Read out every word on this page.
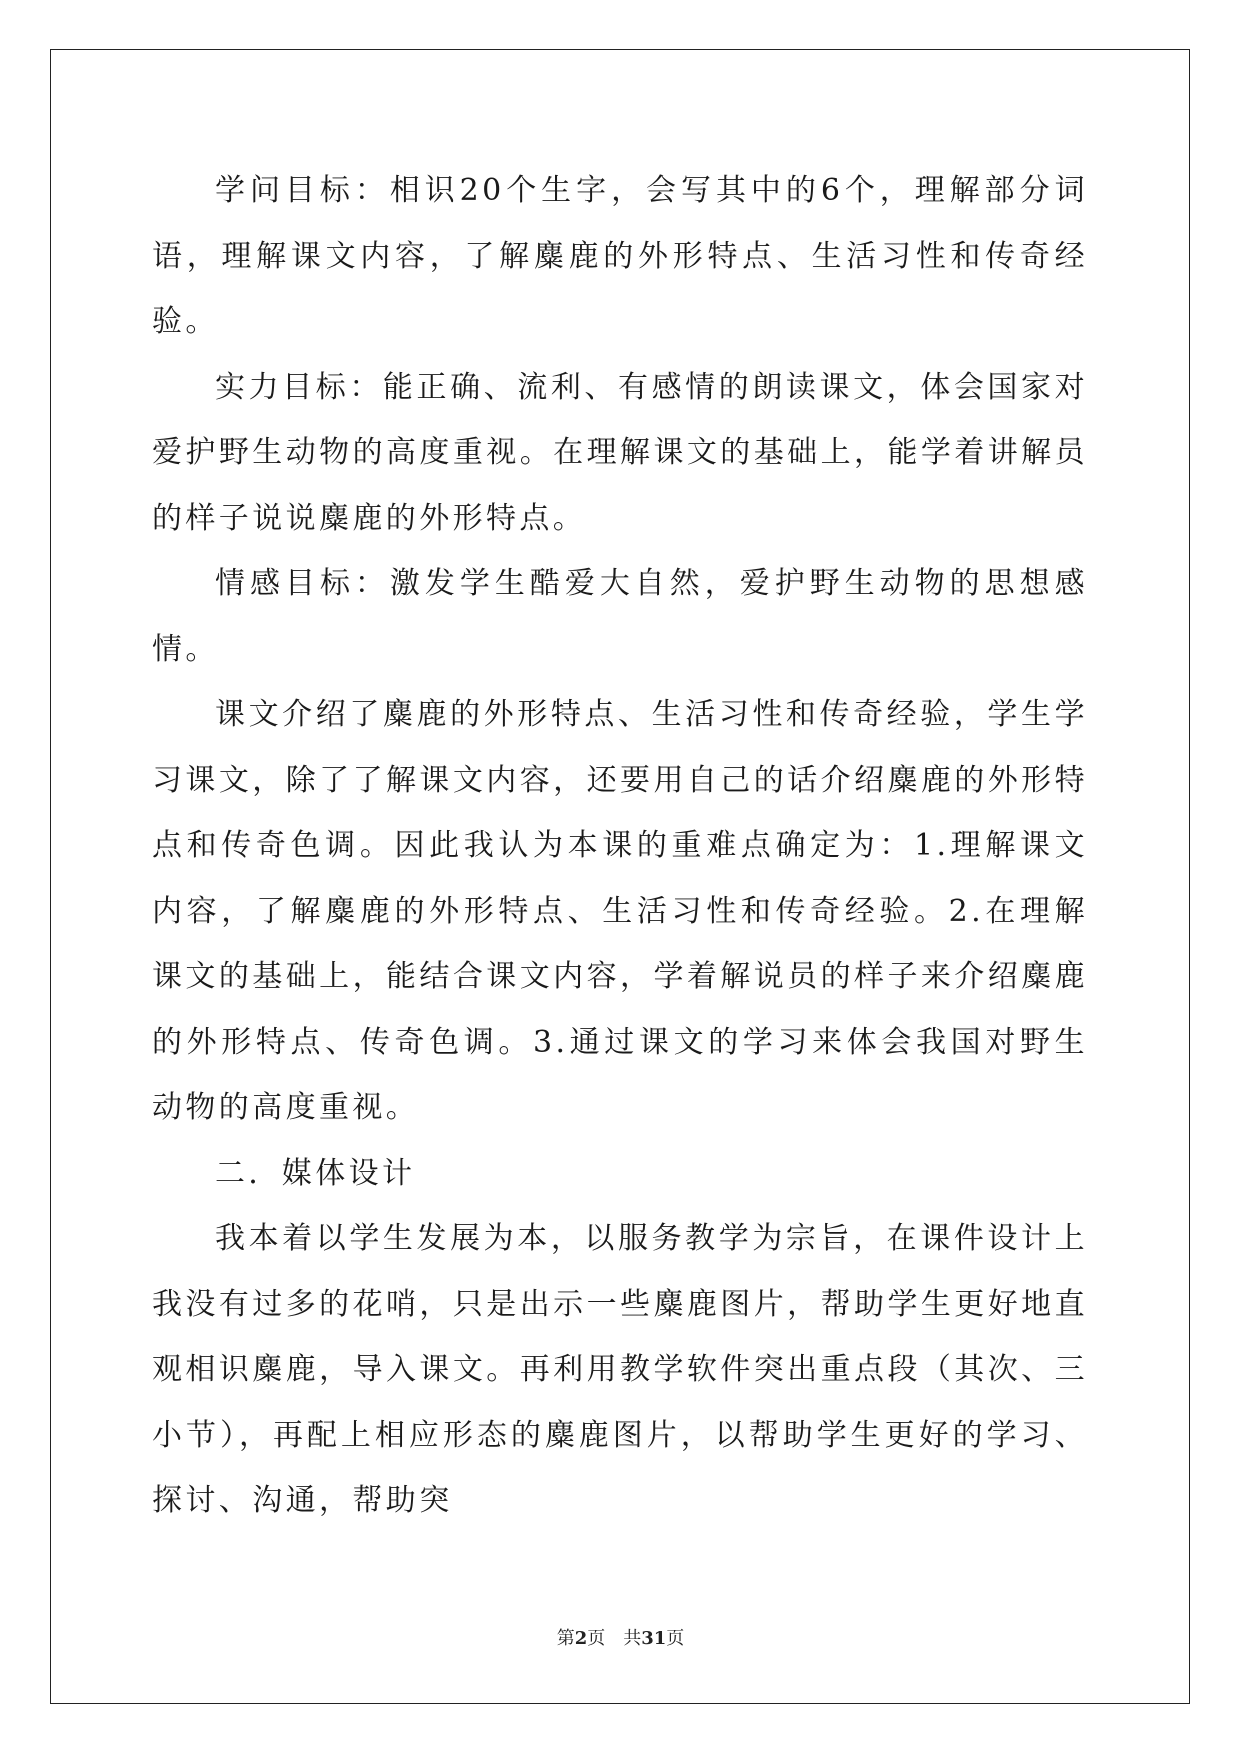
学问目标：相识20个生字，会写其中的6个，理解部分词语，理解课文内容，了解麋鹿的外形特点、生活习性和传奇经验。

实力目标：能正确、流利、有感情的朗读课文，体会国家对爱护野生动物的高度重视。在理解课文的基础上，能学着讲解员的样子说说麋鹿的外形特点。

情感目标：激发学生酷爱大自然，爱护野生动物的思想感情。

课文介绍了麋鹿的外形特点、生活习性和传奇经验，学生学习课文，除了了解课文内容，还要用自己的话介绍麋鹿的外形特点和传奇色调。因此我认为本课的重难点确定为：1.理解课文内容，了解麋鹿的外形特点、生活习性和传奇经验。2.在理解课文的基础上，能结合课文内容，学着解说员的样子来介绍麋鹿的外形特点、传奇色调。3.通过课文的学习来体会我国对野生动物的高度重视。

二．媒体设计

我本着以学生发展为本，以服务教学为宗旨，在课件设计上我没有过多的花哨，只是出示一些麋鹿图片，帮助学生更好地直观相识麋鹿，导入课文。再利用教学软件突出重点段（其次、三小节），再配上相应形态的麋鹿图片，以帮助学生更好的学习、探讨、沟通，帮助突

第2页 共31页
